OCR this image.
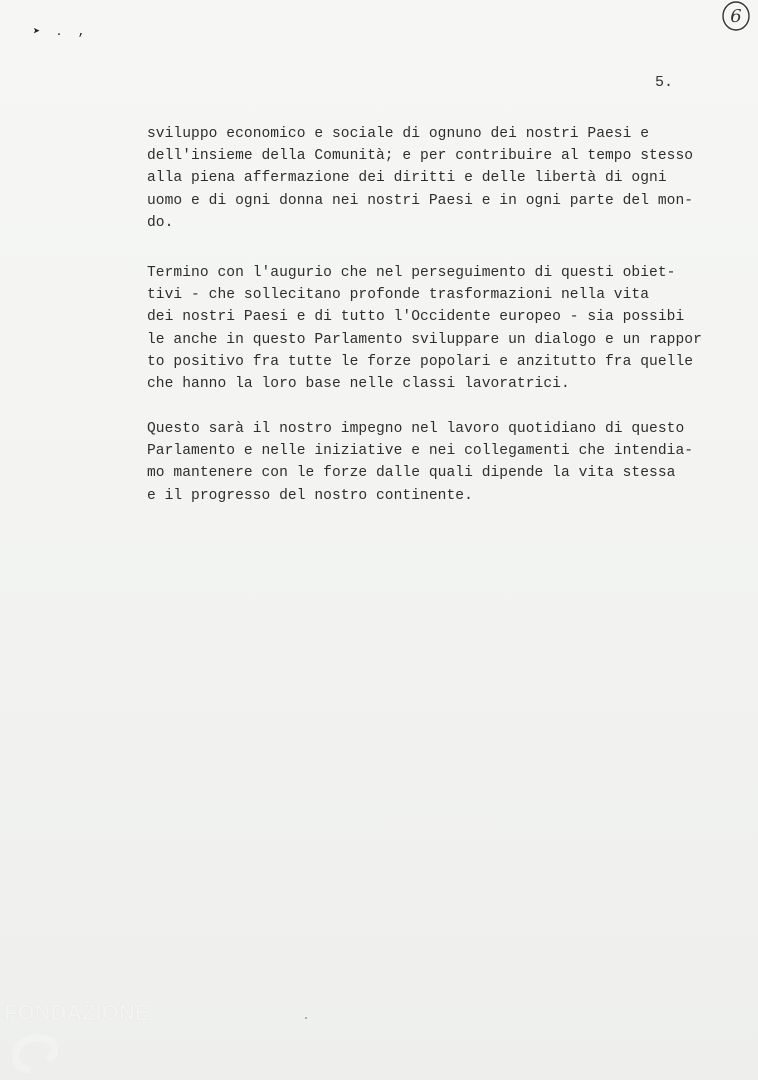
➤ . ,
6
5.
sviluppo economico e sociale di ognuno dei nostri Paesi e
dell'insieme della Comunità; e per contribuire al tempo stesso
alla piena affermazione dei diritti e delle libertà di ogni
uomo e di ogni donna nei nostri Paesi e in ogni parte del mon-
do.
Termino con l'augurio che nel perseguimento di questi obiet-
tivi - che sollecitano profonde trasformazioni nella vita
dei nostri Paesi e di tutto l'Occidente europeo - sia possibi
le anche in questo Parlamento sviluppare un dialogo e un rappor
to positivo fra tutte le forze popolari e anzitutto fra quelle
che hanno la loro base nelle classi lavoratrici.
Questo sarà il nostro impegno nel lavoro quotidiano di questo
Parlamento e nelle iniziative e nei collegamenti che intendia-
mo mantenere con le forze dalle quali dipende la vita stessa
e il progresso del nostro continente.
FONDAZIONE
